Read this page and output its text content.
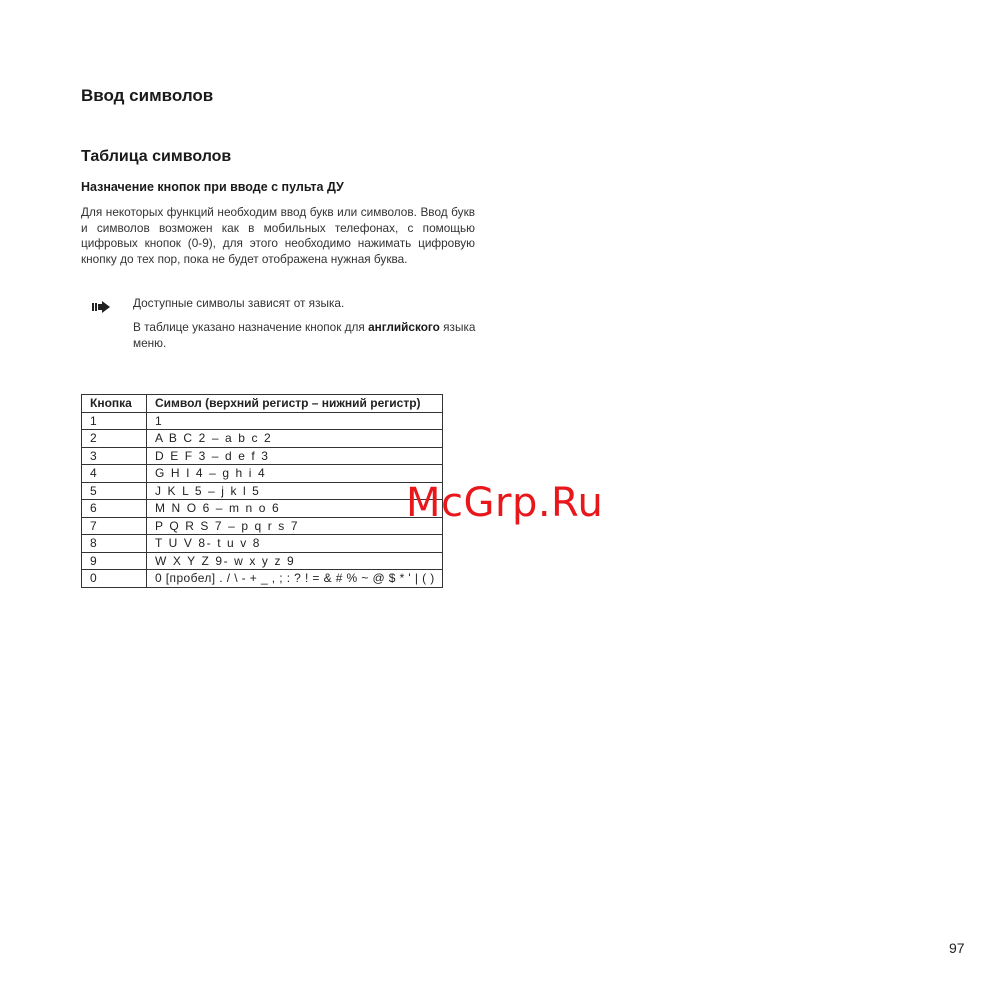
Ввод символов
Таблица символов
Назначение кнопок при вводе с пульта ДУ

Для некоторых функций необходим ввод букв или символов. Ввод букв и символов возможен как в мобильных телефонах, с помощью цифровых кнопок (0-9), для этого необходимо нажимать цифровую кнопку до тех пор, пока не будет отображена нужная буква.

Доступные символы зависят от языка.

В таблице указано назначение кнопок для английского языка меню.

Кнопка	Символ (верхний регистр – нижний регистр)
1	1
2	A B C 2 – a b c 2
3	D E F 3 – d e f 3
4	G H I 4 – g h i 4
5	J K L 5 – j k l 5
6	M N O 6 – m n o 6
7	P Q R S 7 – p q r s 7
8	T U V 8- t u v 8
9	W X Y Z 9- w x y z 9
0	0 [пробел] . / \ - + _ , ; : ? ! = & # % ~ @ $ * ' | ( )

McGrp.Ru

97
